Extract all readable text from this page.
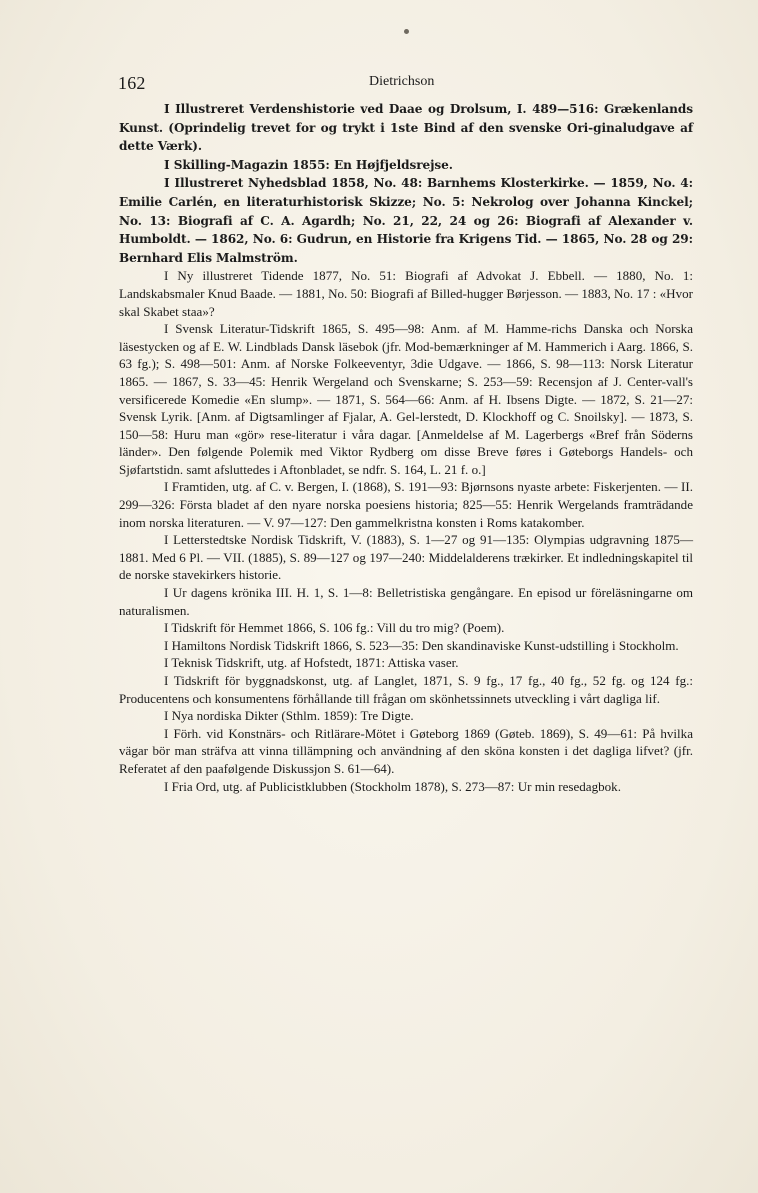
162	Dietrichson

I Illustreret Verdenshistorie ved Daae og Drolsum, I. 489—516: Grækenlands Kunst. (Oprindelig trevet for og trykt i 1ste Bind af den svenske Ori-ginaludgave af dette Værk).

I Skilling-Magazin 1855: En Højfjeldsrejse.

I Illustreret Nyhedsblad 1858, No. 48: Barnhems Klosterkirke. — 1859, No. 4: Emilie Carlén, en literaturhistorisk Skizze; No. 5: Nekrolog over Johanna Kinckel; No. 13: Biografi af C. A. Agardh; No. 21, 22, 24 og 26: Biografi af Alexander v. Humboldt. — 1862, No. 6: Gudrun, en Historie fra Krigens Tid. — 1865, No. 28 og 29: Bernhard Elis Malmström.

I Ny illustreret Tidende 1877, No. 51: Biografi af Advokat J. Ebbell. — 1880, No. 1: Landskabsmaler Knud Baade. — 1881, No. 50: Biografi af Billed-hugger Børjesson. — 1883, No. 17 : «Hvor skal Skabet staa»?

I Svensk Literatur-Tidskrift 1865, S. 495—98: Anm. af M. Hamme-richs Danska och Norska läsestycken og af E. W. Lindblads Dansk läsebok (jfr. Mod-bemærkninger af M. Hammerich i Aarg. 1866, S. 63 fg.); S. 498—501: Anm. af Norske Folkeeventyr, 3die Udgave. — 1866, S. 98—113: Norsk Literatur 1865. — 1867, S. 33—45: Henrik Wergeland och Svenskarne; S. 253—59: Recensjon af J. Center-vall's versificerede Komedie «En slump». — 1871, S. 564—66: Anm. af H. Ibsens Digte. — 1872, S. 21—27: Svensk Lyrik. [Anm. af Digtsamlinger af Fjalar, A. Gel-lerstedt, D. Klockhoff og C. Snoilsky]. — 1873, S. 150—58: Huru man «gör» rese-literatur i våra dagar. [Anmeldelse af M. Lagerbergs «Bref från Söderns länder». Den følgende Polemik med Viktor Rydberg om disse Breve føres i Gøteborgs Handels- och Sjøfartstidn. samt afsluttedes i Aftonbladet, se ndfr. S. 164, L. 21 f. o.]

I Framtiden, utg. af C. v. Bergen, I. (1868), S. 191—93: Bjørnsons nyaste arbete: Fiskerjenten. — II. 299—326: Första bladet af den nyare norska poesiens historia; 825—55: Henrik Wergelands framträdande inom norska literaturen. — V. 97—127: Den gammelkristna konsten i Roms katakomber.

I Letterstedtske Nordisk Tidskrift, V. (1883), S. 1—27 og 91—135: Olympias udgravning 1875—1881. Med 6 Pl. — VII. (1885), S. 89—127 og 197—240: Middelalderens trækirker. Et indledningskapitel til de norske stavekirkers historie.

I Ur dagens krönika III. H. 1, S. 1—8: Belletristiska gengångare. En episod ur föreläsningarne om naturalismen.

I Tidskrift för Hemmet 1866, S. 106 fg.: Vill du tro mig? (Poem).

I Hamiltons Nordisk Tidskrift 1866, S. 523—35: Den skandinaviske Kunst-udstilling i Stockholm.

I Teknisk Tidskrift, utg. af Hofstedt, 1871: Attiska vaser.

I Tidskrift för byggnadskonst, utg. af Langlet, 1871, S. 9 fg., 17 fg., 40 fg., 52 fg. og 124 fg.: Producentens och konsumentens förhållande till frågan om skönhetssinnets utveckling i vårt dagliga lif.

I Nya nordiska Dikter (Sthlm. 1859): Tre Digte.

I Förh. vid Konstnärs- och Ritlärare-Mötet i Gøteborg 1869 (Gøteb. 1869), S. 49—61: På hvilka vägar bör man sträfva att vinna tillämpning och användning af den sköna konsten i det dagliga lifvet? (jfr. Referatet af den paafølgende Diskussjon S. 61—64).

I Fria Ord, utg. af Publicistklubben (Stockholm 1878), S. 273—87: Ur min resedagbok.
